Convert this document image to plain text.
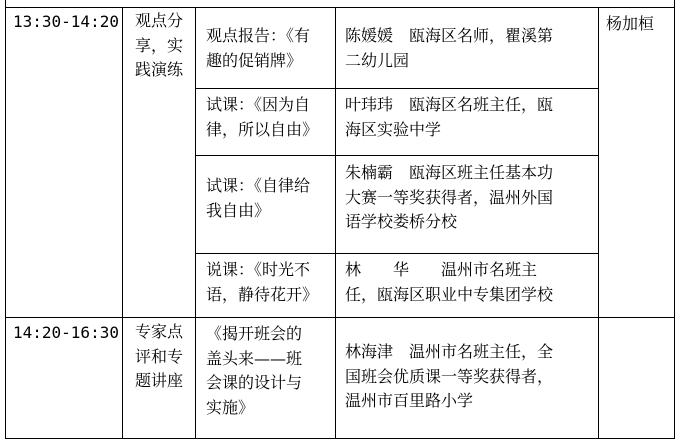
13:30-14:20 观点分
享，实
践演练
观点报告：《有
趣的促销牌》
陈媛媛　瓯海区名师，瞿溪第
二幼儿园
杨加桓
试课：《因为自
律，所以自由》
叶玮玮　瓯海区名班主任，瓯
海区实验中学
试课：《自律给
我自由》
朱楠霸　瓯海区班主任基本功
大赛一等奖获得者，温州外国
语学校娄桥分校
说课：《时光不
语，静待花开》
林　　华　　温州市名班主
任，瓯海区职业中专集团学校
14:20-16:30 专家点
评和专
题讲座
《揭开班会的
盖头来——班
会课的设计与
实施》
林海津　温州市名班主任，全
国班会优质课一等奖获得者，
温州市百里路小学
